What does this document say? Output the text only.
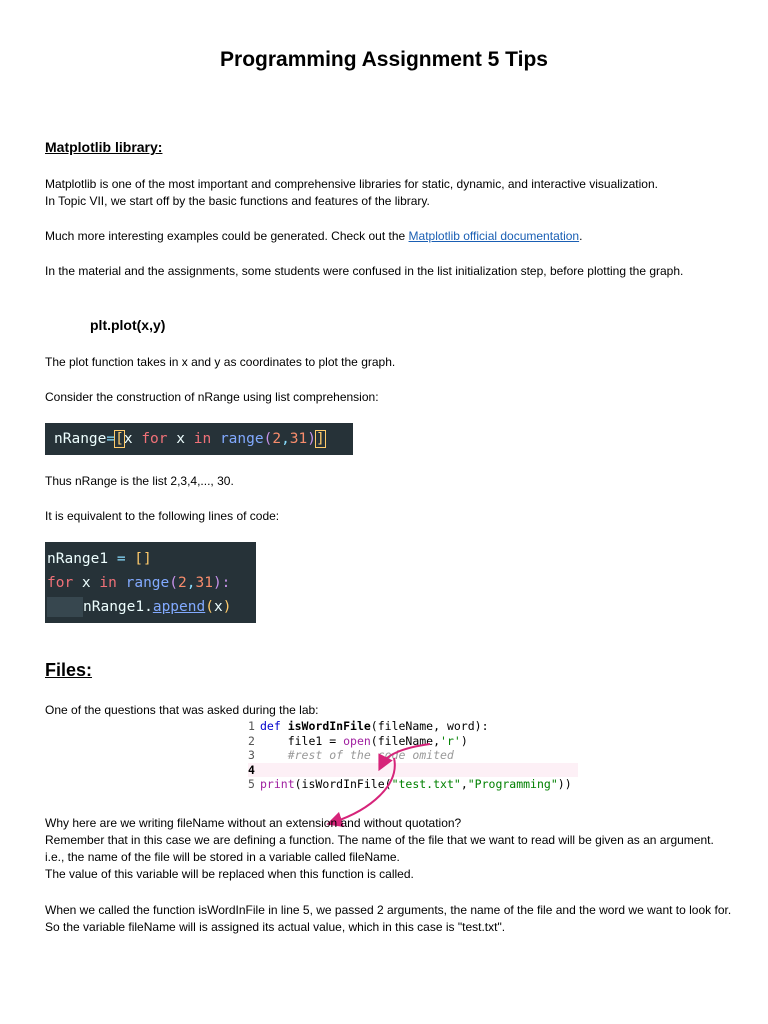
Programming Assignment 5 Tips
Matplotlib library:

Matplotlib is one of the most important and comprehensive libraries for static, dynamic, and interactive visualization.

In Topic VII, we start off by the basic functions and features of the library.

Much more interesting examples could be generated. Check out the Matplotlib official documentation.
In the material and the assignments, some students were confused in the list initialization step, before plotting the graph.
plt.plot(x,y)
The plot function takes in x and y as coordinates to plot the graph.
Consider the construction of nRange using list comprehension:
nRange=[x for x in range(2,31)]
Thus nRange is the list 2,3,4,..., 30.
It is equivalent to the following lines of code:
nRange1 = []
for x in range(2,31):
nRange1.append(x)
Files:
One of the questions that was asked during the lab:
1 def isWordInFile(fileName, word):
2    file1 = open(fileName,'r')
3    #rest of the code omited
4
5 print(isWordInFile("test.txt","Programming"))

Why here are we writing fileName without an extension and without quotation?

Remember that in this case we are defining a function. The name of the file that we want to read will be given as an argument. i.e., the name of the file will be stored in a variable called fileName.

The value of this variable will be replaced when this function is called.

When we called the function isWordInFile in line 5, we passed 2 arguments, the name of the file and the word we want to look for. So the variable fileName will is assigned its actual value, which in this case is "test.txt".
